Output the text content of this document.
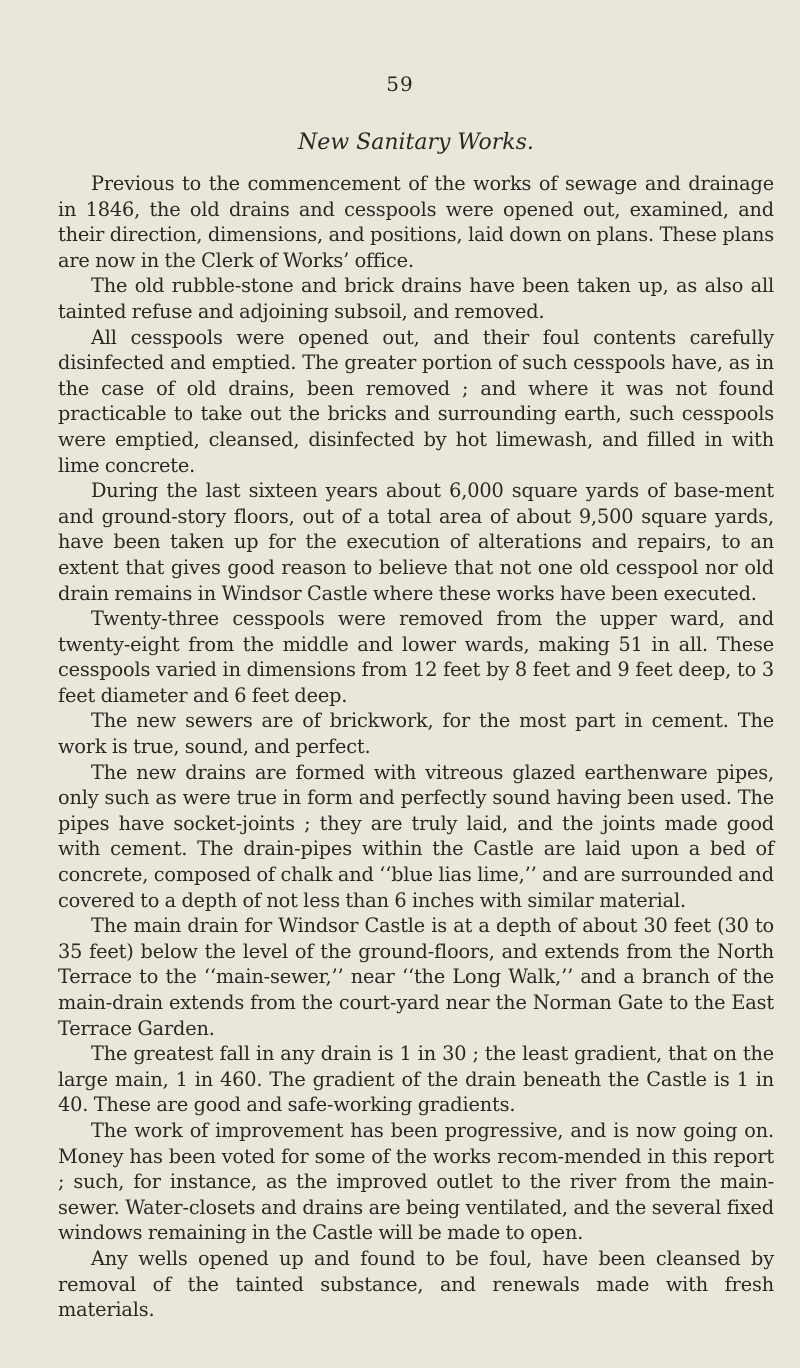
59
New Sanitary Works.

Previous to the commencement of the works of sewage and drainage in 1846, the old drains and cesspools were opened out, examined, and their direction, dimensions, and positions, laid down on plans. These plans are now in the Clerk of Works’ office.

The old rubble-stone and brick drains have been taken up, as also all tainted refuse and adjoining subsoil, and removed.

All cesspools were opened out, and their foul contents carefully disinfected and emptied. The greater portion of such cesspools have, as in the case of old drains, been removed ; and where it was not found practicable to take out the bricks and surrounding earth, such cesspools were emptied, cleansed, disinfected by hot limewash, and filled in with lime concrete.

During the last sixteen years about 6,000 square yards of base-ment and ground-story floors, out of a total area of about 9,500 square yards, have been taken up for the execution of alterations and repairs, to an extent that gives good reason to believe that not one old cesspool nor old drain remains in Windsor Castle where these works have been executed.

Twenty-three cesspools were removed from the upper ward, and twenty-eight from the middle and lower wards, making 51 in all. These cesspools varied in dimensions from 12 feet by 8 feet and 9 feet deep, to 3 feet diameter and 6 feet deep.

The new sewers are of brickwork, for the most part in cement. The work is true, sound, and perfect.

The new drains are formed with vitreous glazed earthenware pipes, only such as were true in form and perfectly sound having been used. The pipes have socket-joints ; they are truly laid, and the joints made good with cement. The drain-pipes within the Castle are laid upon a bed of concrete, composed of chalk and ‘‘blue lias lime,’’ and are surrounded and covered to a depth of not less than 6 inches with similar material.

The main drain for Windsor Castle is at a depth of about 30 feet (30 to 35 feet) below the level of the ground-floors, and extends from the North Terrace to the ‘‘main-sewer,’’ near ‘‘the Long Walk,’’ and a branch of the main-drain extends from the court-yard near the Norman Gate to the East Terrace Garden.

The greatest fall in any drain is 1 in 30 ; the least gradient, that on the large main, 1 in 460. The gradient of the drain beneath the Castle is 1 in 40. These are good and safe-working gradients.

The work of improvement has been progressive, and is now going on. Money has been voted for some of the works recom-mended in this report ; such, for instance, as the improved outlet to the river from the main-sewer. Water-closets and drains are being ventilated, and the several fixed windows remaining in the Castle will be made to open.

Any wells opened up and found to be foul, have been cleansed by removal of the tainted substance, and renewals made with fresh materials.
